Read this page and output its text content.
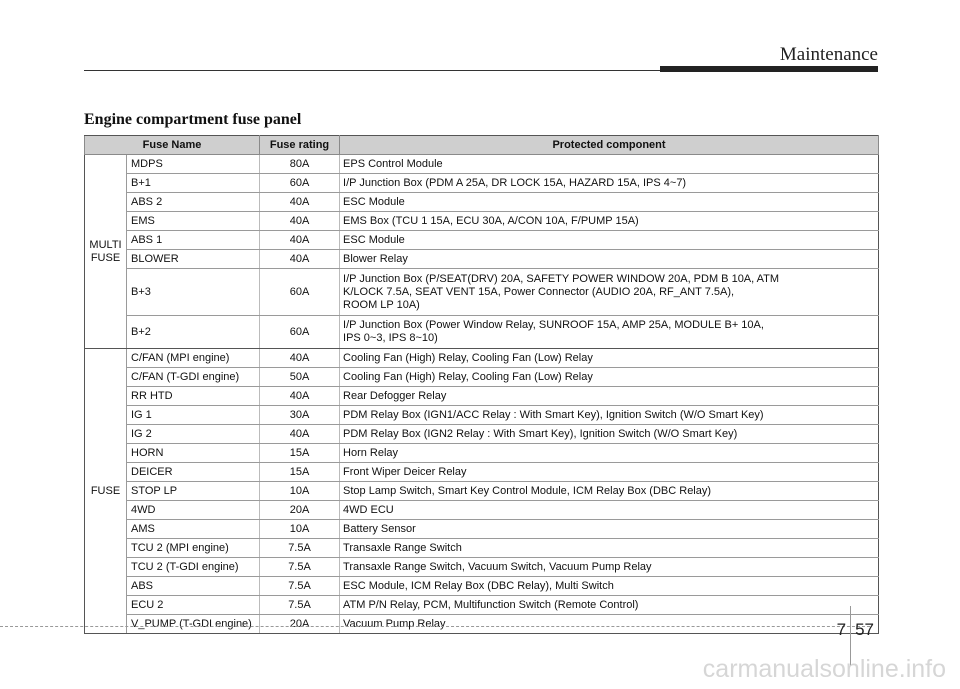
Maintenance
Engine compartment fuse panel
Fuse Name		Fuse rating	Protected component
MULTI
FUSE	MDPS	80A	EPS Control Module
	B+1	60A	I/P Junction Box (PDM A 25A, DR LOCK 15A, HAZARD 15A, IPS 4~7)
	ABS 2	40A	ESC Module
	EMS	40A	EMS Box (TCU 1 15A, ECU 30A, A/CON 10A, F/PUMP 15A)
	ABS 1	40A	ESC Module
	BLOWER	40A	Blower Relay
	B+3	60A	I/P Junction Box (P/SEAT(DRV) 20A, SAFETY POWER WINDOW 20A, PDM B 10A, ATM
K/LOCK 7.5A, SEAT VENT 15A, Power Connector (AUDIO 20A, RF_ANT 7.5A),
ROOM LP 10A)
	B+2	60A	I/P Junction Box (Power Window Relay, SUNROOF 15A, AMP 25A, MODULE B+ 10A,
IPS 0~3, IPS 8~10)
FUSE	C/FAN (MPI engine)	40A	Cooling Fan (High) Relay, Cooling Fan (Low) Relay
	C/FAN (T-GDI engine)	50A	Cooling Fan (High) Relay, Cooling Fan (Low) Relay
	RR HTD	40A	Rear Defogger Relay
	IG 1	30A	PDM Relay Box (IGN1/ACC Relay : With Smart Key), Ignition Switch (W/O Smart Key)
	IG 2	40A	PDM Relay Box (IGN2 Relay : With Smart Key), Ignition Switch (W/O Smart Key)
	HORN	15A	Horn Relay
	DEICER	15A	Front Wiper Deicer Relay
	STOP LP	10A	Stop Lamp Switch, Smart Key Control Module, ICM Relay Box (DBC Relay)
	4WD	20A	4WD ECU
	AMS	10A	Battery Sensor
	TCU 2 (MPI engine)	7.5A	Transaxle Range Switch
	TCU 2 (T-GDI engine)	7.5A	Transaxle Range Switch, Vacuum Switch, Vacuum Pump Relay
	ABS	7.5A	ESC Module, ICM Relay Box (DBC Relay), Multi Switch
	ECU 2	7.5A	ATM P/N Relay, PCM, Multifunction Switch (Remote Control)
	V_PUMP (T-GDI engine)	20A	Vacuum Pump Relay	7 57
carmanualsonline.info
